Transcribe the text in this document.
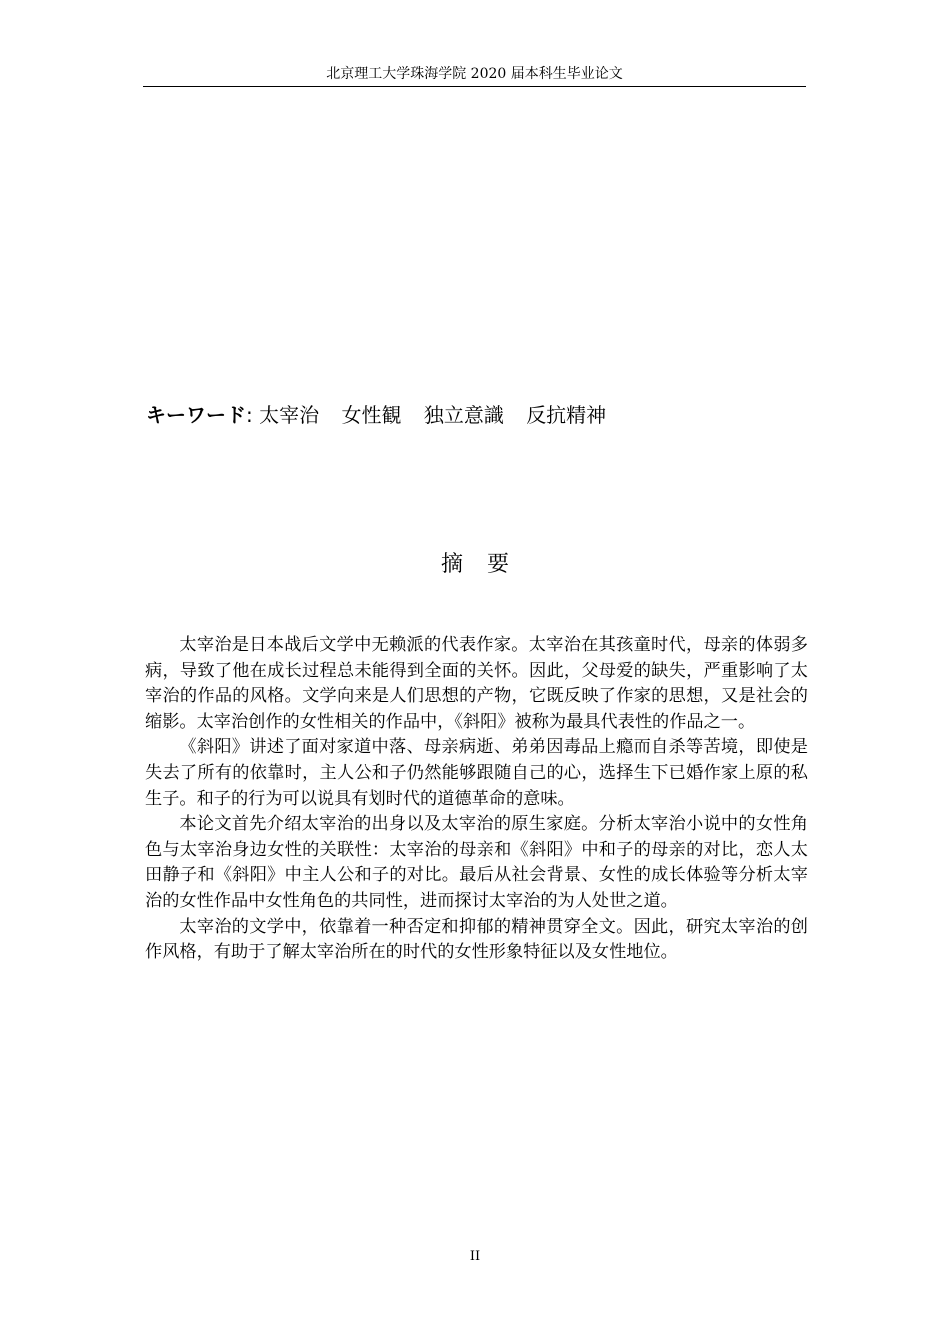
北京理工大学珠海学院 2020 届本科生毕业论文
キーワード: 太宰治 女性観 独立意識 反抗精神
摘要

太宰治是日本战后文学中无赖派的代表作家。太宰治在其孩童时代，母亲的体弱多病，导致了他在成长过程总未能得到全面的关怀。因此，父母爱的缺失，严重影响了太宰治的作品的风格。文学向来是人们思想的产物，它既反映了作家的思想，又是社会的缩影。太宰治创作的女性相关的作品中，《斜阳》被称为最具代表性的作品之一。

《斜阳》讲述了面对家道中落、母亲病逝、弟弟因毒品上瘾而自杀等苦境，即使是失去了所有的依靠时，主人公和子仍然能够跟随自己的心，选择生下已婚作家上原的私生子。和子的行为可以说具有划时代的道德革命的意味。

本论文首先介绍太宰治的出身以及太宰治的原生家庭。分析太宰治小说中的女性角色与太宰治身边女性的关联性：太宰治的母亲和《斜阳》中和子的母亲的对比，恋人太田静子和《斜阳》中主人公和子的对比。最后从社会背景、女性的成长体验等分析太宰治的女性作品中女性角色的共同性，进而探讨太宰治的为人处世之道。

太宰治的文学中，依靠着一种否定和抑郁的精神贯穿全文。因此，研究太宰治的创作风格，有助于了解太宰治所在的时代的女性形象特征以及女性地位。

II
